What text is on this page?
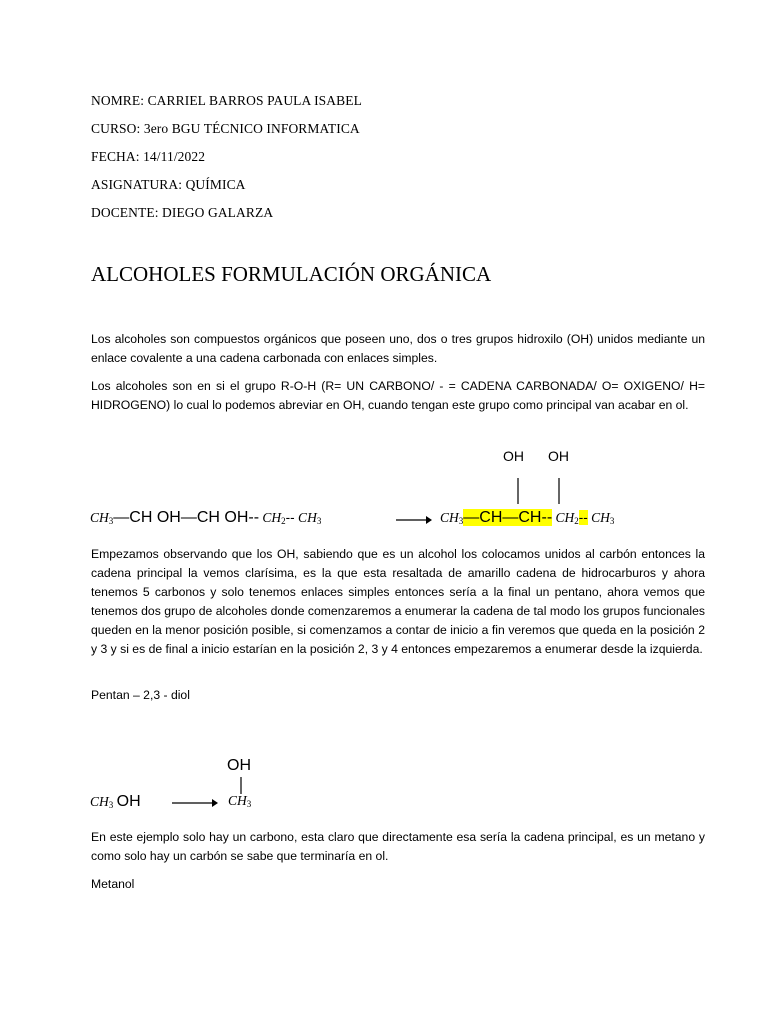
NOMRE: CARRIEL BARROS PAULA ISABEL
CURSO: 3ero BGU TÉCNICO INFORMATICA
FECHA: 14/11/2022
ASIGNATURA: QUÍMICA
DOCENTE: DIEGO GALARZA
ALCOHOLES FORMULACIÓN ORGÁNICA
Los alcoholes son compuestos orgánicos que poseen uno, dos o tres grupos hidroxilo (OH) unidos mediante un enlace covalente a una cadena carbonada con enlaces simples.
Los alcoholes son en si el grupo R-O-H (R= UN CARBONO/ - = CADENA CARBONADA/ O= OXIGENO/ H= HIDROGENO) lo cual lo podemos abreviar en OH, cuando tengan este grupo como principal van acabar en ol.
$CH_3—CH$ OH—CH OH-- $CH_2--$ $CH_3$
OH OH
$CH_3—CH—CH--$ $CH_2--$ $CH_3$
Empezamos observando que los OH, sabiendo que es un alcohol los colocamos unidos al carbón entonces la cadena principal la vemos clarísima, es la que esta resaltada de amarillo cadena de hidrocarburos y ahora tenemos 5 carbonos y solo tenemos enlaces simples entonces sería a la final un pentano, ahora vemos que tenemos dos grupo de alcoholes donde comenzaremos a enumerar la cadena de tal modo los grupos funcionales queden en la menor posición posible, si comenzamos a contar de inicio a fin veremos que queda en la posición 2 y 3 y si es de final a inicio estarían en la posición 2, 3 y 4 entonces empezaremos a enumerar desde la izquierda.
Pentan – 2,3 - diol
OH
$CH_3$ OH → $CH_3$
En este ejemplo solo hay un carbono, esta claro que directamente esa sería la cadena principal, es un metano y como solo hay un carbón se sabe que terminaría en ol.
Metanol
